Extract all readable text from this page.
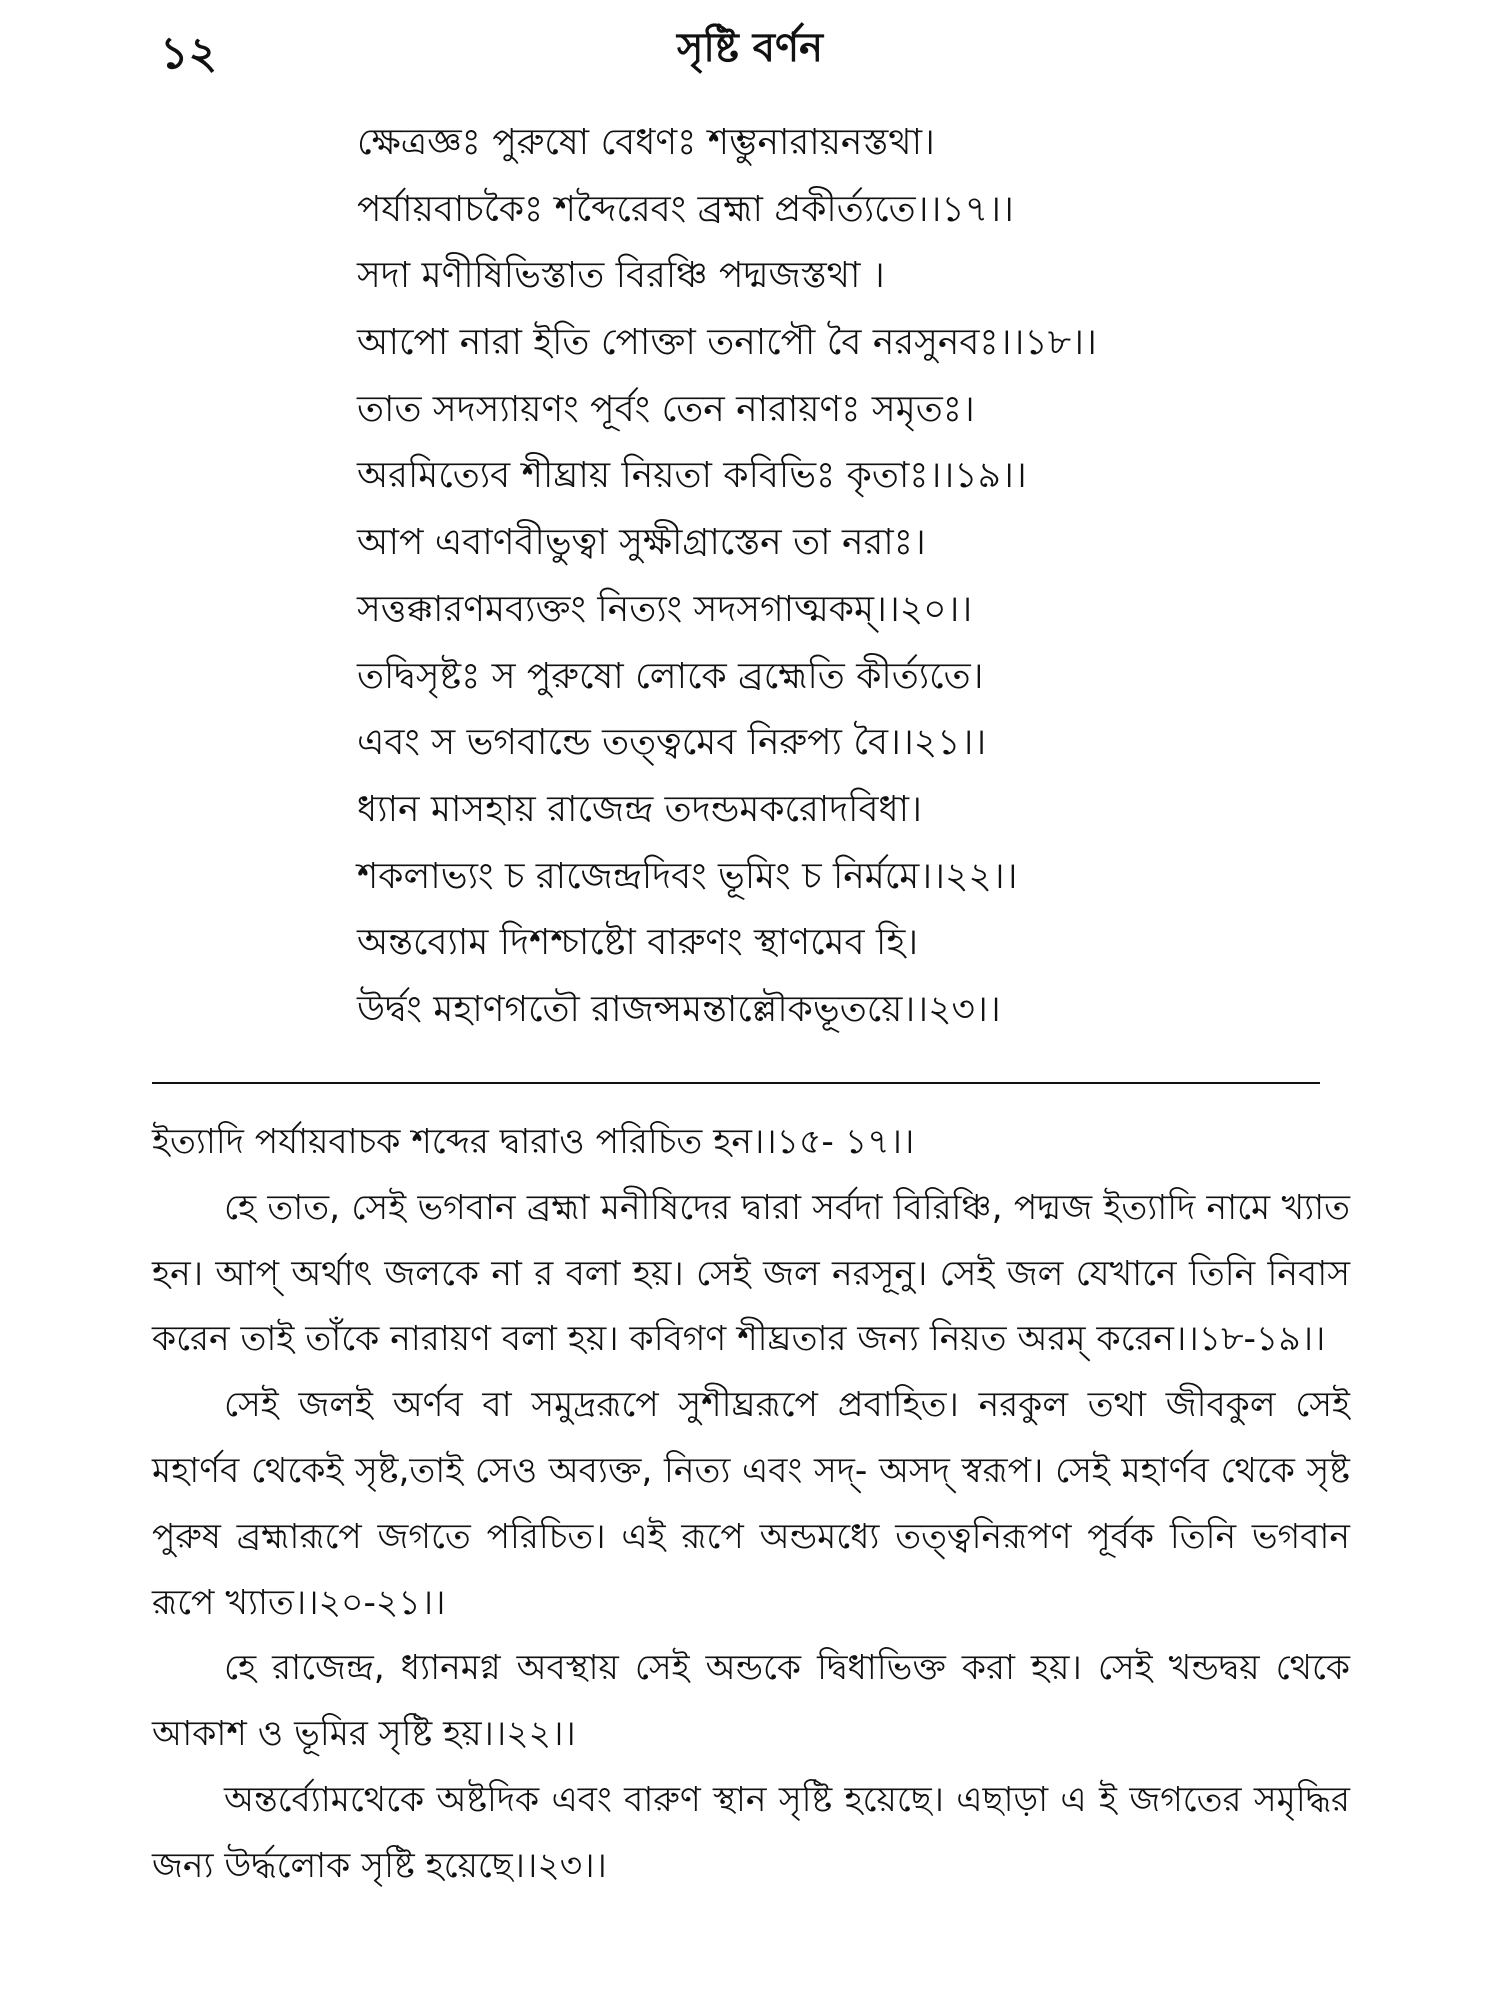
১২	সৃষ্টি বর্ণন
ক্ষেত্রজ্ঞঃ পুরুষো বেধণঃ শম্ভুনারায়নস্তথা।
পর্যায়বাচকৈঃ শব্দৈরেবং ব্রহ্মা প্রকীর্ত্যতে।।১৭।।
সদা মণীষিভিস্তাত বিরঞ্চি পদ্মজস্তথা ।
আপো নারা ইতি পোক্তা তনাপৌ বৈ নরসুনবঃ।।১৮।।
তাত সদস্যায়ণং পূর্বং তেন নারায়ণঃ সমৃতঃ।
অরমিত্যেব শীঘ্রায় নিয়তা কবিভিঃ কৃতাঃ।।১৯।।
আপ এবাণবীভুত্বা সুক্ষীগ্রাস্তেন তা নরাঃ।
সত্তক্কারণমব্যক্তং নিত্যং সদসগাত্মকম্।।২০।।
তদ্বিসৃষ্টঃ স পুরুষো লোকে ব্রহ্মেতি কীর্ত্যতে।
এবং স ভগবান্ডে তত্ত্বমেব নিরুপ্য বৈ।।২১।।
ধ্যান মাসহায় রাজেন্দ্র তদন্ডমকরোদবিধা।
শকলাভ্যং চ রাজেন্দ্রদিবং ভূমিং চ নির্মমে।।২২।।
অন্তব্যোম দিশশ্চাষ্টো বারুণং স্থাণমেব হি।
উর্দ্বং মহাণগতৌ রাজন্সমন্তাল্লৌকভূতয়ে।।২৩।।

ইত্যাদি পর্যায়বাচক শব্দের দ্বারাও পরিচিত হন।।১৫- ১৭।।

হে তাত, সেই ভগবান ব্রহ্মা মনীষিদের দ্বারা সর্বদা বিরিঞ্চি, পদ্মজ ইত্যাদি নামে খ্যাত হন। আপ্ অর্থাৎ জলকে না র বলা হয়। সেই জল নরসূনু। সেই জল যেখানে তিনি নিবাস করেন তাই তাঁকে নারায়ণ বলা হয়। কবিগণ শীঘ্রতার জন্য নিয়ত অরম্ করেন।।১৮-১৯।।

সেই জলই অর্ণব বা সমুদ্ররূপে সুশীঘ্ররূপে প্রবাহিত। নরকুল তথা জীবকুল সেই মহার্ণব থেকেই সৃষ্ট,তাই সেও অব্যক্ত, নিত্য এবং সদ্- অসদ্ স্বরূপ। সেই মহার্ণব থেকে সৃষ্ট পুরুষ ব্রহ্মারূপে জগতে পরিচিত। এই রূপে অন্ডমধ্যে তত্ত্বনিরূপণ পূর্বক তিনি ভগবান রূপে খ্যাত।।২০-২১।।

হে রাজেন্দ্র, ধ্যানমগ্ন অবস্থায় সেই অন্ডকে দ্বিধাভিক্ত করা হয়। সেই খন্ডদ্বয় থেকে আকাশ ও ভূমির সৃষ্টি হয়।।২২।।

অন্তর্ব্যোমথেকে অষ্টদিক এবং বারুণ স্থান সৃষ্টি হয়েছে। এছাড়া এ ই জগতের সমৃদ্ধির জন্য উর্দ্ধলোক সৃষ্টি হয়েছে।।২৩।।
